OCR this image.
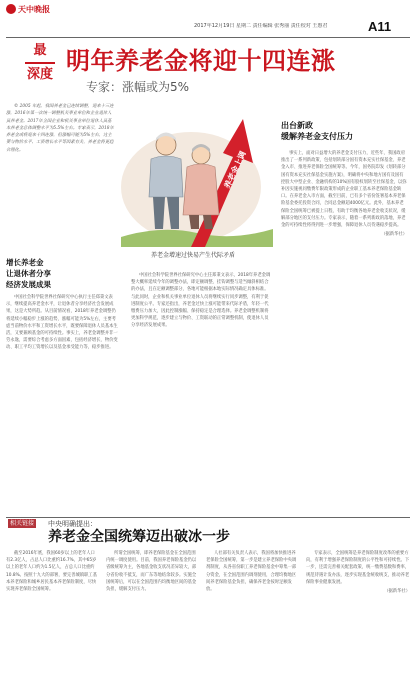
天中晚报
2017年12月19日 星期二 责任编辑 张秀丽 责任校对 王惠君	A11
最
深度 明年养老金将迎十四连涨
专家：涨幅或为5%

© 2005 年起，我国养老金已连续调整，迎来十三连涨，2016年第一次统一调整机关事业单位和企业退休人员养老金。2017年全国企业和机关事业单位退休人员基本养老金总体调整水平为5.5%左右。专家表示，2018年养老金或将迎来十四连涨，但涨幅可能为5%左右，这主要与物价水平、工资增长水平等因素有关，养老金将更趋合理化。	养老金上调
养老金增速过快易产生代际矛盾
出台新政
缓解养老金支付压力

事实上，面对日益增大的养老金支付压力，近些年，我国政府推出了一系列新政策，包括划转部分国有资本充实社保基金、养老金入市、推进养老保险全国统筹等。今年，国务院印发《划转部分国有资本充实社保基金实施方案》，明确将中央和地方国有及国有控股大中型企业、金融机构的10%国有股权划转至社保基金，以弥补因实施视同缴费年限政策形成的企业职工基本养老保险基金缺口。在养老金入市方面，截至目前，已有多个省份签署基本养老保险基金委托投资合同，合同总金额超4000亿元。此外，基本养老保险全国统筹已被提上日程，有助于均衡各地养老金收支状况，缓解部分地区的支付压力。专家表示，随着一系列新政的落地，养老金的可持续性将得到进一步增强，保障退休人员待遇稳步提高。

（据新华社）
增长养老金
让退休者分享
经济发展成果

中国社会科学院世界社保研究中心执行主任郑秉文表示，继续提高养老金水平，让退休者分享经济社会发展成果，这是大势所趋。从目前情况看，2018年养老金调整仍将延续小幅稳步上涨的趋势，涨幅可能为5%左右，主要考虑当前物价水平和工资增长水平，既要保障退休人员基本生活，又要兼顾基金的可持续性。事实上，养老金调整并非一劳永逸，需要综合考虑多方面因素，包括经济增长、物价变动、职工平均工资增长以及基金承受能力等，稳步推进。

中国社会科学院世界社保研究中心主任郑秉文表示，2018年养老金调整大概率延续今年的调整办法，即定额调整、挂钩调整与适当倾斜相结合的办法，且在定额调整部分，各地可能根据本地实际情况确定具体标准。与此同时，企业和机关事业单位退休人员将继续实行同步调整，有利于促进制度公平。专家还指出，养老金过快上涨可能带来代际矛盾，年轻一代缴费压力加大，因此控制涨幅、保持稳定是合理选择。养老金调整机制将更加科学规范，逐步建立与物价、工资联动的正常调整机制，使退休人员分享经济发展成果。

相关链接 中央明确提出：
养老金全国统筹迈出破冰一步

截至2016年底，我国60岁以上的老年人口有2.3亿人，占总人口比重约16.7%，其中65岁以上的老年人口约为1.5亿人，占总人口比重约10.8%。按照十九大的部署，要完善城镇职工基本养老保险和城乡居民基本养老保险制度，尽快实现养老保险全国统筹。

所谓全国统筹，即养老保险基金在全国范围内统一调度使用。目前，我国养老保险基金仍以省级统筹为主，各地基金收支状况差异较大，部分省份收不抵支，而广东等地结余较多。实施全国统筹后，可以在全国范围内均衡地区间的基金负担，缓解支付压力。

人社部有关负责人表示，我国将加快推进养老保险全国统筹，第一步是建立养老保险中央调剂制度，从各省份职工养老保险基金中筹集一部分资金，在全国范围内调剂使用，合理均衡地区间养老保险基金负担，确保养老金按时足额发放。

专家表示，全国统筹是养老保险制度改革的重要方向，有利于增强养老保险制度的公平性和可持续性。下一步，还需完善相关配套政策，统一缴费基数和费率，规范待遇计发办法，逐步实现基金统收统支，推动养老保险事业健康发展。

（据新华社）
